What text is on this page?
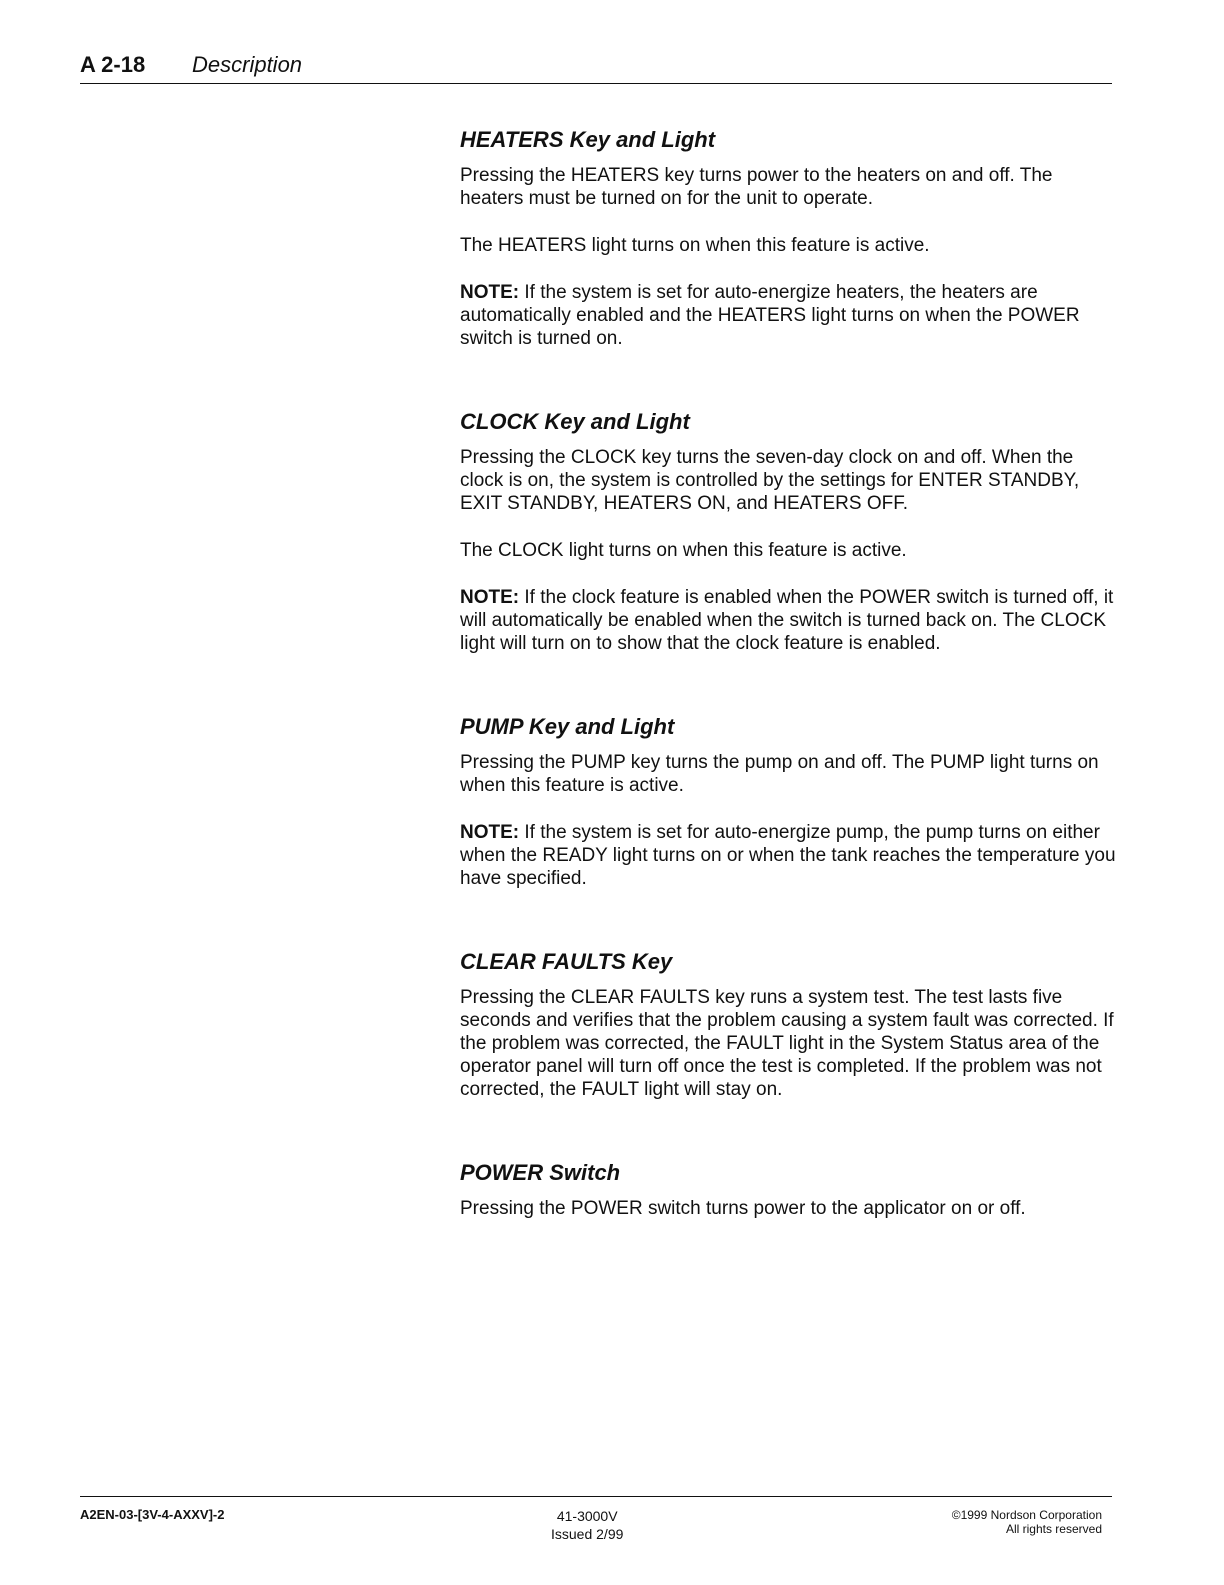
A 2-18 Description
HEATERS Key and Light

Pressing the HEATERS key turns power to the heaters on and off. The heaters must be turned on for the unit to operate.

The HEATERS light turns on when this feature is active.

NOTE: If the system is set for auto-energize heaters, the heaters are automatically enabled and the HEATERS light turns on when the POWER switch is turned on.

CLOCK Key and Light

Pressing the CLOCK key turns the seven-day clock on and off. When the clock is on, the system is controlled by the settings for ENTER STANDBY, EXIT STANDBY, HEATERS ON, and HEATERS OFF.

The CLOCK light turns on when this feature is active.

NOTE: If the clock feature is enabled when the POWER switch is turned off, it will automatically be enabled when the switch is turned back on. The CLOCK light will turn on to show that the clock feature is enabled.

PUMP Key and Light

Pressing the PUMP key turns the pump on and off. The PUMP light turns on when this feature is active.

NOTE: If the system is set for auto-energize pump, the pump turns on either when the READY light turns on or when the tank reaches the temperature you have specified.

CLEAR FAULTS Key

Pressing the CLEAR FAULTS key runs a system test. The test lasts five seconds and verifies that the problem causing a system fault was corrected. If the problem was corrected, the FAULT light in the System Status area of the operator panel will turn off once the test is completed. If the problem was not corrected, the FAULT light will stay on.

POWER Switch

Pressing the POWER switch turns power to the applicator on or off.

A2EN-03-[3V-4-AXXV]-2	41-3000V
Issued 2/99
©1999 Nordson Corporation
All rights reserved
